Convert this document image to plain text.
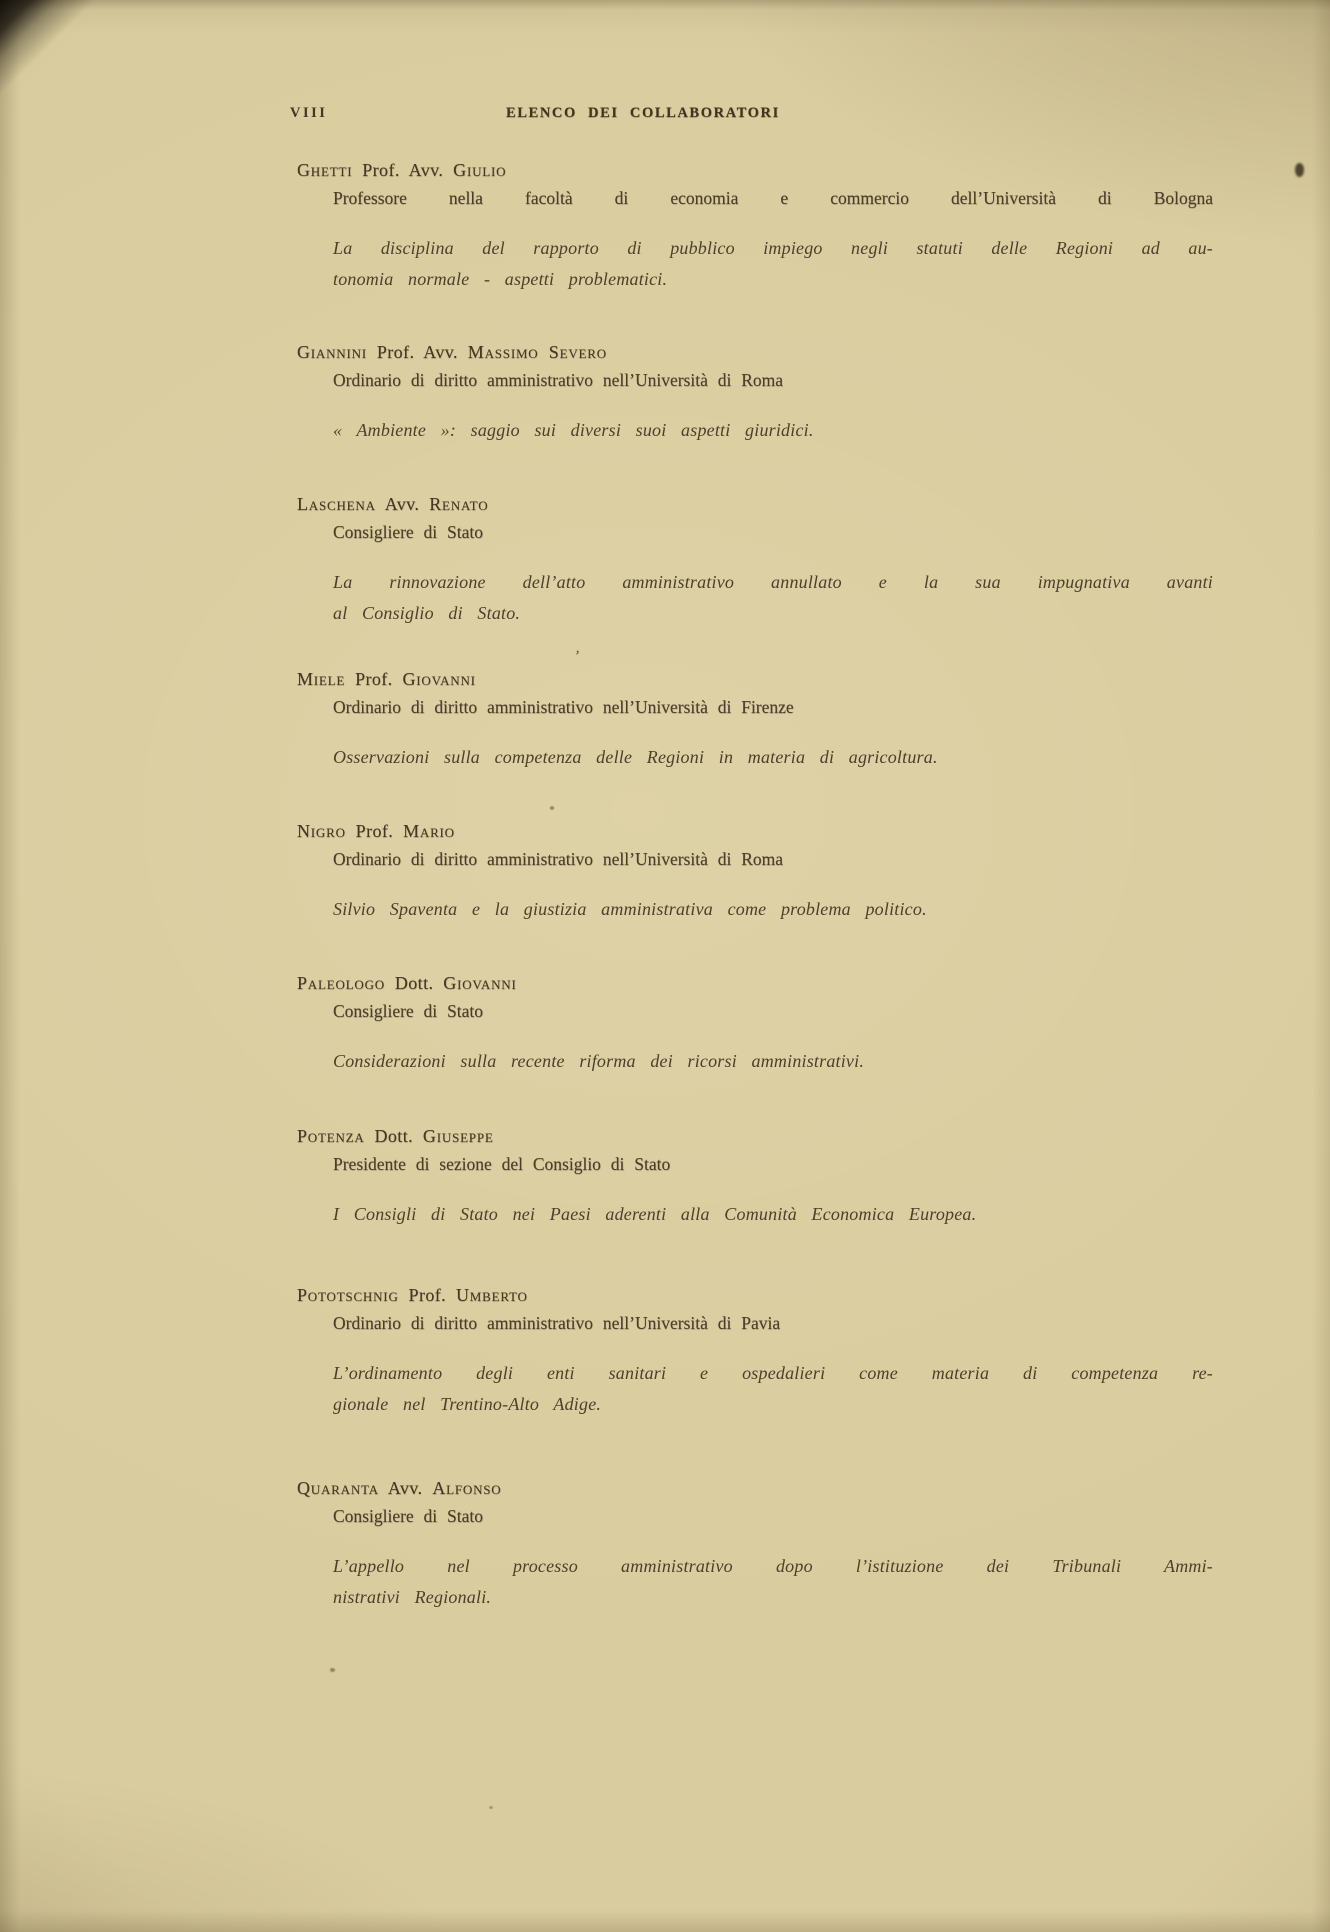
’
VIII	ELENCO DEI COLLABORATORI
Ghetti Prof. Avv. Giulio
Professore nella facoltà di economia e commercio dell’Università di Bologna
La disciplina del rapporto di pubblico impiego negli statuti delle Regioni ad au-
tonomia normale - aspetti problematici.
Giannini Prof. Avv. Massimo Severo
Ordinario di diritto amministrativo nell’Università di Roma
« Ambiente »: saggio sui diversi suoi aspetti giuridici.
Laschena Avv. Renato
Consigliere di Stato
La rinnovazione dell’atto amministrativo annullato e la sua impugnativa avanti
al Consiglio di Stato.
Miele Prof. Giovanni
Ordinario di diritto amministrativo nell’Università di Firenze
Osservazioni sulla competenza delle Regioni in materia di agricoltura.
Nigro Prof. Mario
Ordinario di diritto amministrativo nell’Università di Roma
Silvio Spaventa e la giustizia amministrativa come problema politico.
Paleologo Dott. Giovanni
Consigliere di Stato
Considerazioni sulla recente riforma dei ricorsi amministrativi.
Potenza Dott. Giuseppe
Presidente di sezione del Consiglio di Stato
I Consigli di Stato nei Paesi aderenti alla Comunità Economica Europea.
Pototschnig Prof. Umberto
Ordinario di diritto amministrativo nell’Università di Pavia
L’ordinamento degli enti sanitari e ospedalieri come materia di competenza re-
gionale nel Trentino-Alto Adige.
Quaranta Avv. Alfonso
Consigliere di Stato
L’appello nel processo amministrativo dopo l’istituzione dei Tribunali Ammi-
nistrativi Regionali.
